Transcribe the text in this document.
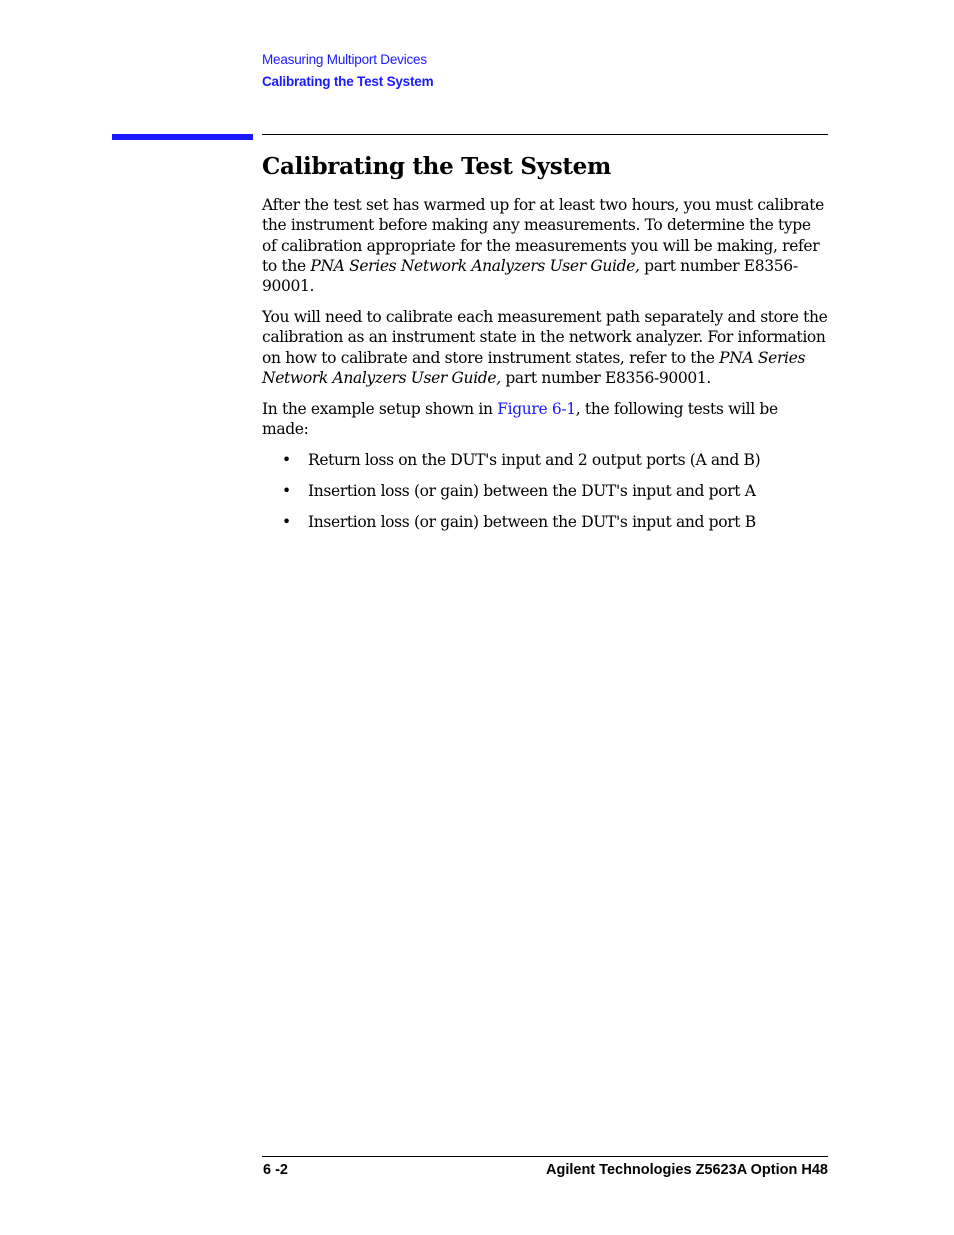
Measuring Multiport Devices
Calibrating the Test System
Calibrating the Test System

After the test set has warmed up for at least two hours, you must calibrate the instrument before making any measurements. To determine the type of calibration appropriate for the measurements you will be making, refer to the PNA Series Network Analyzers User Guide, part number E8356-90001.

You will need to calibrate each measurement path separately and store the calibration as an instrument state in the network analyzer. For information on how to calibrate and store instrument states, refer to the PNA Series Network Analyzers User Guide, part number E8356-90001.

In the example setup shown in Figure 6-1, the following tests will be made:

• Return loss on the DUT's input and 2 output ports (A and B)
• Insertion loss (or gain) between the DUT's input and port A
• Insertion loss (or gain) between the DUT's input and port B
6 -2	Agilent Technologies Z5623A Option H48
